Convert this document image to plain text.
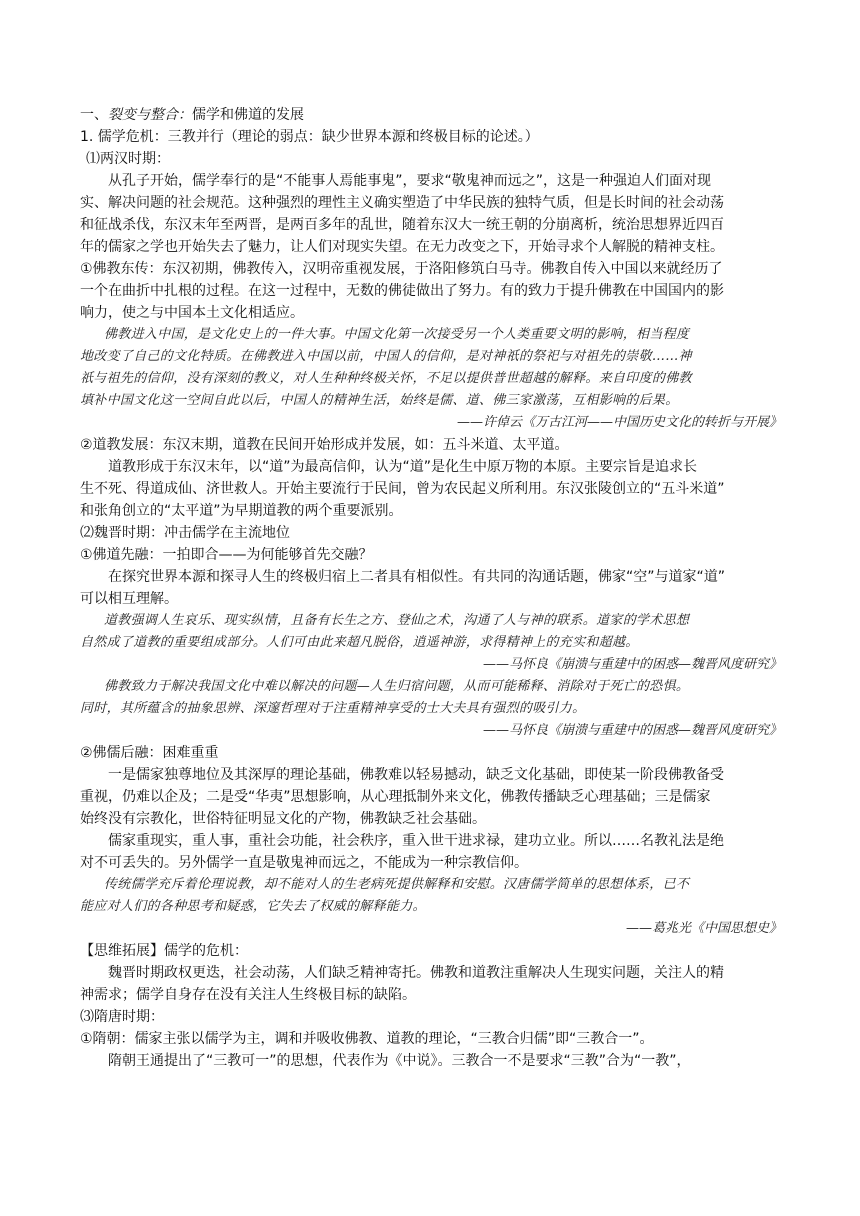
一、裂变与整合：儒学和佛道的发展
1. 儒学危机：三教并行（理论的弱点：缺少世界本源和终极目标的论述。）
⑴两汉时期：
从孔子开始，儒学奉行的是“不能事人焉能事鬼”，要求“敬鬼神而远之”，这是一种强迫人们面对现
实、解决问题的社会规范。这种强烈的理性主义确实塑造了中华民族的独特气质，但是长时间的社会动荡
和征战杀伐，东汉末年至两晋，是两百多年的乱世，随着东汉大一统王朝的分崩离析，统治思想界近四百
年的儒家之学也开始失去了魅力，让人们对现实失望。在无力改变之下，开始寻求个人解脱的精神支柱。
①佛教东传：东汉初期，佛教传入，汉明帝重视发展，于洛阳修筑白马寺。佛教自传入中国以来就经历了
一个在曲折中扎根的过程。在这一过程中，无数的佛徒做出了努力。有的致力于提升佛教在中国国内的影
响力，使之与中国本土文化相适应。
佛教进入中国，是文化史上的一件大事。中国文化第一次接受另一个人类重要文明的影响，相当程度
地改变了自己的文化特质。在佛教进入中国以前，中国人的信仰，是对神祇的祭祀与对祖先的崇敬……神
祇与祖先的信仰，没有深刻的教义，对人生种种终极关怀，不足以提供普世超越的解释。来自印度的佛教
填补中国文化这一空间自此以后，中国人的精神生活，始终是儒、道、佛三家激荡，互相影响的后果。
——许倬云《万古江河——中国历史文化的转折与开展》
②道教发展：东汉末期，道教在民间开始形成并发展，如：五斗米道、太平道。
道教形成于东汉末年，以“道”为最高信仰，认为“道”是化生中原万物的本原。主要宗旨是追求长
生不死、得道成仙、济世救人。开始主要流行于民间，曾为农民起义所利用。东汉张陵创立的“五斗米道”
和张角创立的“太平道”为早期道教的两个重要派别。
⑵魏晋时期：冲击儒学在主流地位
①佛道先融：一拍即合——为何能够首先交融？
在探究世界本源和探寻人生的终极归宿上二者具有相似性。有共同的沟通话题，佛家“空”与道家“道”
可以相互理解。
道教强调人生哀乐、现实纵情，且备有长生之方、登仙之术，沟通了人与神的联系。道家的学术思想
自然成了道教的重要组成部分。人们可由此来超凡脱俗，逍遥神游，求得精神上的充实和超越。
——马怀良《崩溃与重建中的困惑—魏晋风度研究》
佛教致力于解决我国文化中难以解决的问题—人生归宿问题，从而可能稀释、消除对于死亡的恐惧。
同时，其所蕴含的抽象思辨、深邃哲理对于注重精神享受的士大夫具有强烈的吸引力。
——马怀良《崩溃与重建中的困惑—魏晋风度研究》
②佛儒后融：困难重重
一是儒家独尊地位及其深厚的理论基础，佛教难以轻易撼动，缺乏文化基础，即使某一阶段佛教备受
重视，仍难以企及；二是受“华夷”思想影响，从心理抵制外来文化，佛教传播缺乏心理基础；三是儒家
始终没有宗教化，世俗特征明显文化的产物，佛教缺乏社会基础。
儒家重现实，重人事，重社会功能，社会秩序，重入世干进求禄，建功立业。所以……名教礼法是绝
对不可丢失的。另外儒学一直是敬鬼神而远之，不能成为一种宗教信仰。
传统儒学充斥着伦理说教，却不能对人的生老病死提供解释和安慰。汉唐儒学简单的思想体系，已不
能应对人们的各种思考和疑惑，它失去了权威的解释能力。
——葛兆光《中国思想史》
【思维拓展】儒学的危机：
魏晋时期政权更迭，社会动荡，人们缺乏精神寄托。佛教和道教注重解决人生现实问题，关注人的精
神需求；儒学自身存在没有关注人生终极目标的缺陷。
⑶隋唐时期：
①隋朝：儒家主张以儒学为主，调和并吸收佛教、道教的理论，“三教合归儒”即“三教合一”。
隋朝王通提出了“三教可一”的思想，代表作为《中说》。三教合一不是要求“三教”合为“一教”，
